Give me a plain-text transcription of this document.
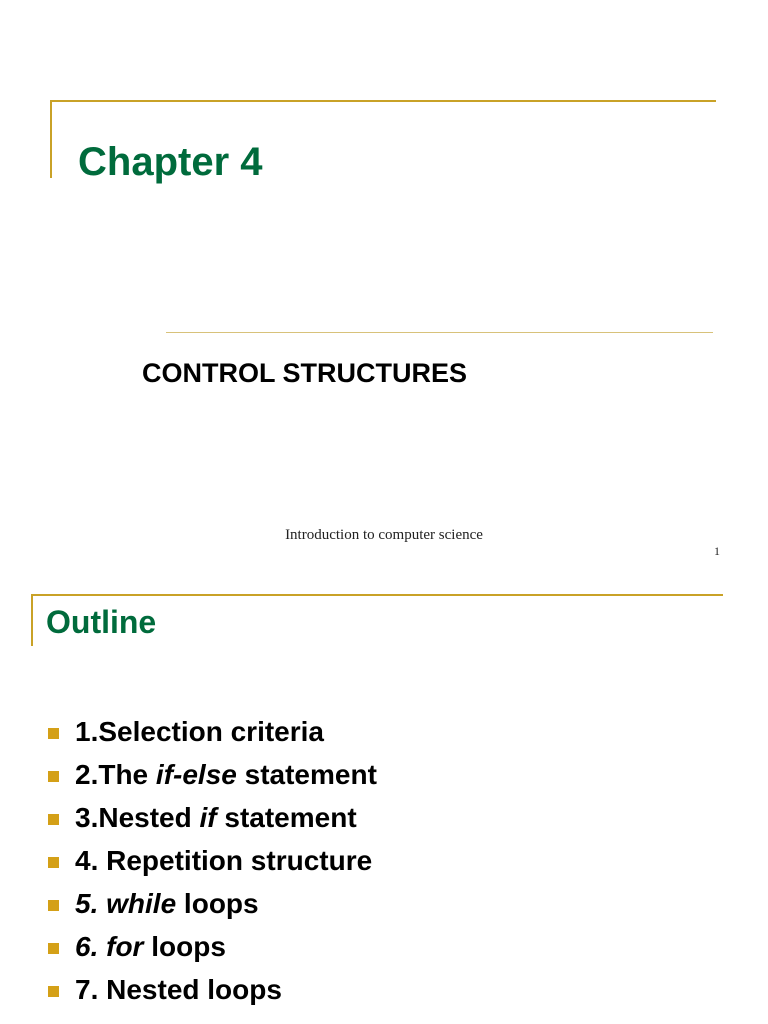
Chapter 4
CONTROL STRUCTURES
Introduction to computer science
1
Outline
1.Selection criteria
2.The if-else statement
3.Nested if statement
4. Repetition structure
5. while loops
6. for loops
7. Nested loops
